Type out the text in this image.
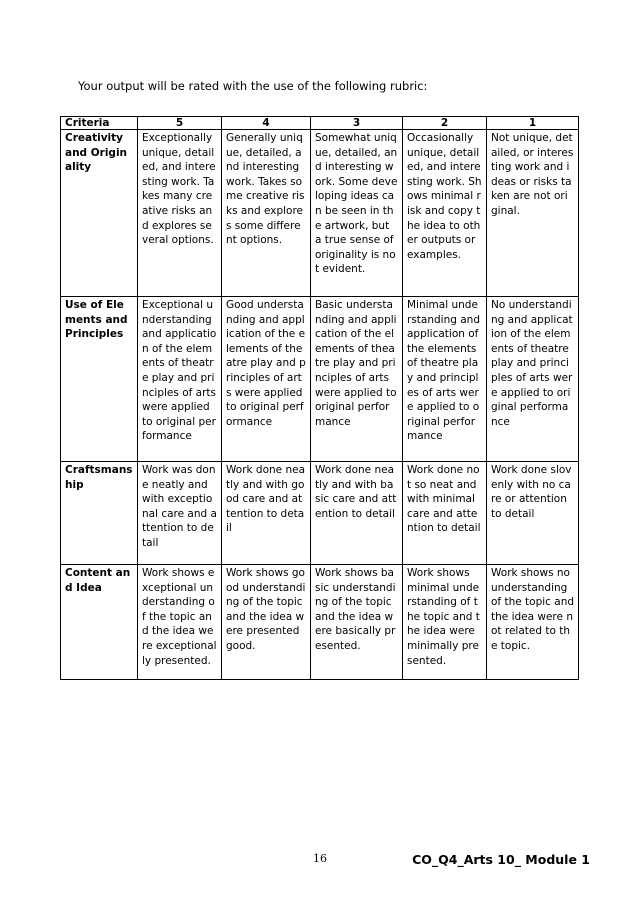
Your output will be rated with the use of the following rubric:
Criteria	5	4	3	2	1
Creativity and Originality	Exceptionally unique, detailed, and interesting work. Takes many creative risks and explores several options.	Generally unique, detailed, and interesting work. Takes some creative risks and explores some different options.	Somewhat unique, detailed, and interesting work. Some developing ideas can be seen in the artwork, but a true sense of originality is not evident.	Occasionally unique, detailed, and interesting work. Shows minimal risk and copy the idea to other outputs or examples.	Not unique, detailed, or interesting work and ideas or risks taken are not original.
Use of Elements and Principles	Exceptional understanding and application of the elements of theatre play and principles of arts were applied to original performance	Good understanding and application of the elements of theatre play and principles of arts were applied to original performance	Basic understanding and application of the elements of theatre play and principles of arts were applied to original performance	Minimal understanding and application of the elements of theatre play and principles of arts were applied to original performance	No understanding and application of the elements of theatre play and principles of arts were applied to original performance
Craftsmanship	Work was done neatly and with exceptional care and attention to detail	Work done neatly and with good care and attention to detail	Work done neatly and with basic care and attention to detail	Work done not so neat and with minimal care and attention to detail	Work done slovenly with no care or attention to detail
Content and Idea	Work shows exceptional understanding of the topic and the idea were exceptionally presented.	Work shows good understanding of the topic and the idea were presented good.	Work shows basic understanding of the topic and the idea were basically presented.	Work shows minimal understanding of the topic and the idea were minimally presented.	Work shows no understanding of the topic and the idea were not related to the topic.
16	CO_Q4_Arts 10_ Module 1
